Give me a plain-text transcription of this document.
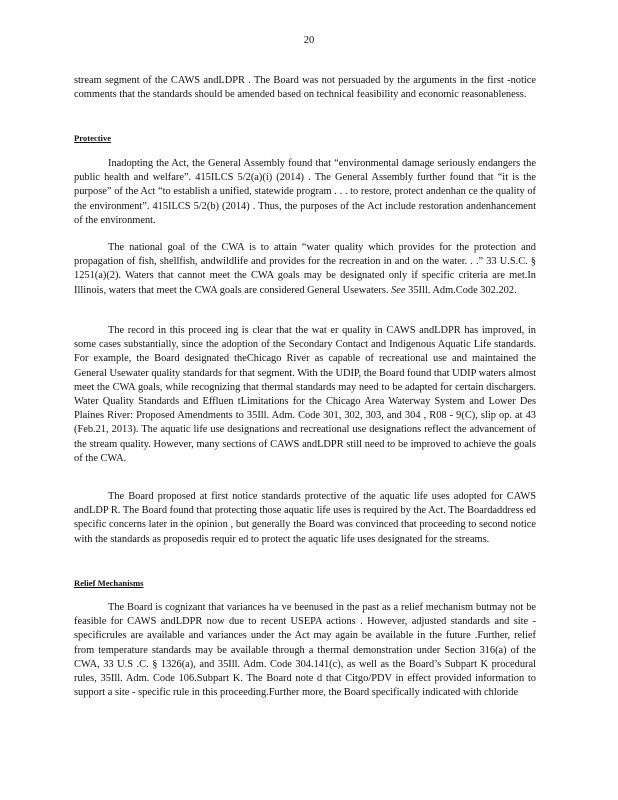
20

stream segment of the CAWS andLDPR . The Board was not persuaded by the arguments in the first -notice comments that the standards should be amended based on technical feasibility and economic reasonableness.

Protective

Inadopting the Act, the General Assembly found that “environmental damage seriously endangers the public health and welfare”. 415ILCS 5/2(a)(i) (2014) . The General Assembly further found that “it is the purpose” of the Act “to establish a unified, statewide program . . . to restore, protect andenhan ce the quality of the environment”. 415ILCS 5/2(b) (2014) . Thus, the purposes of the Act include restoration andenhancement of the environment.

The national goal of the CWA is to attain “water quality which provides for the protection and propagation of fish, shellfish, andwildlife and provides for the recreation in and on the water. . .” 33 U.S.C. § 1251(a)(2). Waters that cannot meet the CWA goals may be designated only if specific criteria are met.In Illinois, waters that meet the CWA goals are considered General Usewaters. See 35Ill. Adm.Code 302.202.

The record in this proceed ing is clear that the wat er quality in CAWS andLDPR has improved, in some cases substantially, since the adoption of the Secondary Contact and Indigenous Aquatic Life standards. For example, the Board designated theChicago River as capable of recreational use and maintained the General Usewater quality standards for that segment. With the UDIP, the Board found that UDIP waters almost meet the CWA goals, while recognizing that thermal standards may need to be adapted for certain dischargers. Water Quality Standards and Effluen tLimitations for the Chicago Area Waterway System and Lower Des Plaines River: Proposed Amendments to 35Ill. Adm. Code 301, 302, 303, and 304 , R08 - 9(C), slip op. at 43 (Feb.21, 2013). The aquatic life use designations and recreational use designations reflect the advancement of the stream quality. However, many sections of CAWS andLDPR still need to be improved to achieve the goals of the CWA.

The Board proposed at first notice standards protective of the aquatic life uses adopted for CAWS andLDP R. The Board found that protecting those aquatic life uses is required by the Act. The Boardaddress ed specific concerns later in the opinion , but generally the Board was convinced that proceeding to second notice with the standards as proposedis requir ed to protect the aquatic life uses designated for the streams.

Relief Mechanisms

The Board is cognizant that variances ha ve beenused in the past as a relief mechanism butmay not be feasible for CAWS andLDPR now due to recent USEPA actions . However, adjusted standards and site -specificrules are available and variances under the Act may again be available in the future .Further, relief from temperature standards may be available through a thermal demonstration under Section 316(a) of the CWA, 33 U.S .C. § 1326(a), and 35Ill. Adm. Code 304.141(c), as well as the Board’s Subpart K procedural rules, 35Ill. Adm. Code 106.Subpart K. The Board note d that Citgo/PDV in effect provided information to support a site - specific rule in this proceeding.Further more, the Board specifically indicated with chloride
